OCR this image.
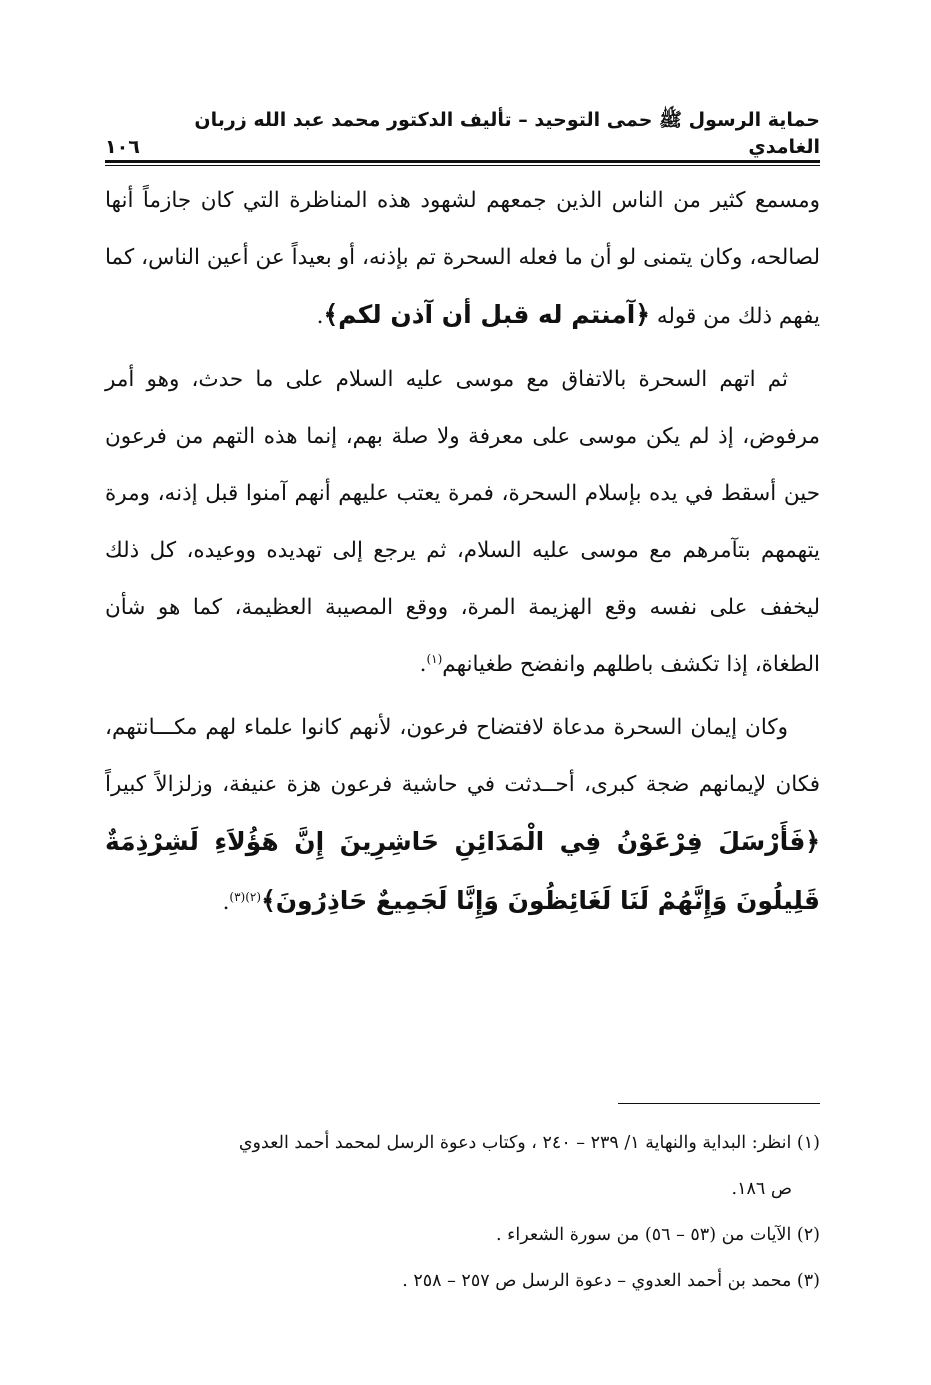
حماية الرسول ﷺ حمى التوحيد – تأليف الدكتور محمد عبد الله زربان الغامدي
١٠٦

ومسمع كثير من الناس الذين جمعهم لشهود هذه المناظرة التي كان جازماً أنها لصالحه، وكان يتمنى لو أن ما فعله السحرة تم بإذنه، أو بعيداً عن أعين الناس، كما يفهم ذلك من قوله ﴿آمنتم له قبل أن آذن لكم﴾.

ثم اتهم السحرة بالاتفاق مع موسى عليه السلام على ما حدث، وهو أمر مرفوض، إذ لم يكن موسى على معرفة ولا صلة بهم، إنما هذه التهم من فرعون حين أسقط في يده بإسلام السحرة، فمرة يعتب عليهم أنهم آمنوا قبل إذنه، ومرة يتهمهم بتآمرهم مع موسى عليه السلام، ثم يرجع إلى تهديده ووعيده، كل ذلك ليخفف على نفسه وقع الهزيمة المرة، ووقع المصيبة العظيمة، كما هو شأن الطغاة، إذا تكشف باطلهم وانفضح طغيانهم$^{(١)}$.

وكان إيمان السحرة مدعاة لافتضاح فرعون، لأنهم كانوا علماء لهم مكـــانتهم، فكان لإيمانهم ضجة كبرى، أحــدثت في حاشية فرعون هزة عنيفة، وزلزالاً كبيراً ﴿فَأَرْسَلَ فِرْعَوْنُ فِي الْمَدَائِنِ حَاشِرِينَ إِنَّ هَؤُلاَءِ لَشِرْذِمَةٌ قَلِيلُونَ وَإِنَّهُمْ لَنَا لَغَائِظُونَ وَإِنَّا لَجَمِيعٌ حَاذِرُونَ﴾$^{(٢)(٣)}$.

(١) انظر: البداية والنهاية ١/ ٢٣٩ – ٢٤٠ ، وكتاب دعوة الرسل لمحمد أحمد العدوي

ص ١٨٦.

(٢) الآيات من (٥٣ – ٥٦) من سورة الشعراء .

(٣) محمد بن أحمد العدوي – دعوة الرسل ص ٢٥٧ – ٢٥٨ .
